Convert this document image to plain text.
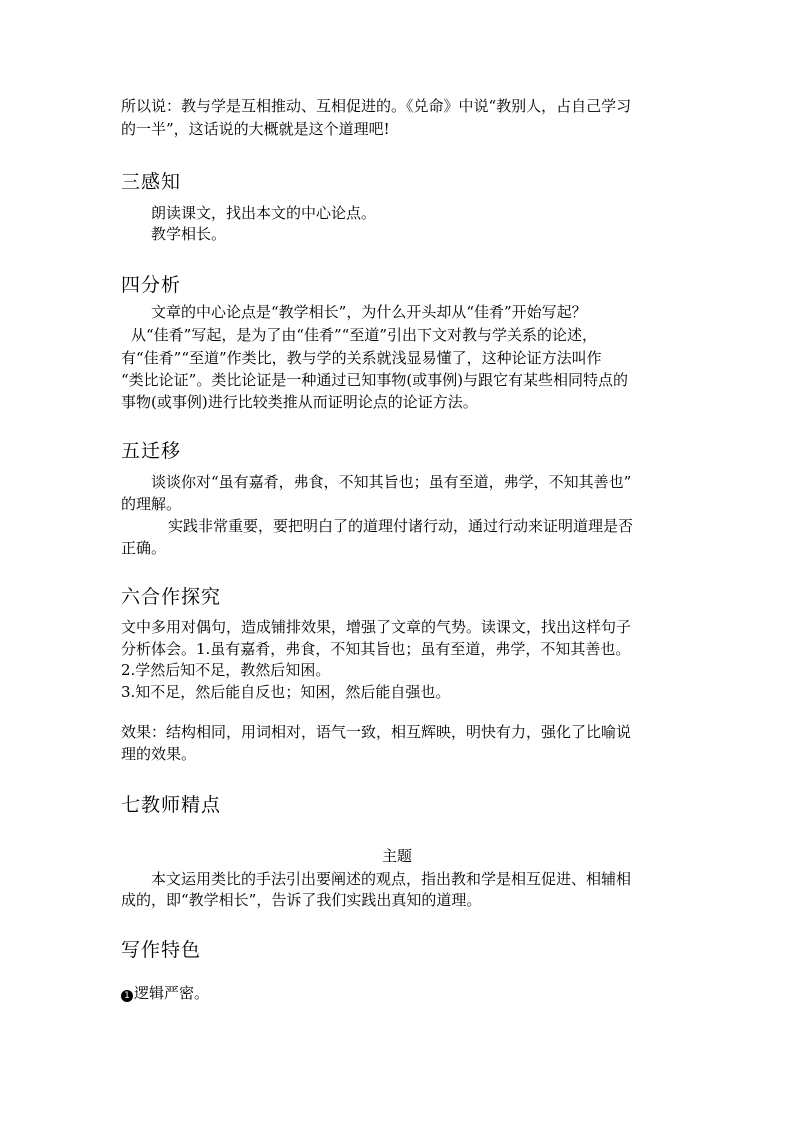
所以说：教与学是互相推动、互相促进的。《兑命》中说“教别人，占自己学习
的一半”，这话说的大概就是这个道理吧!
三感知
朗读课文，找出本文的中心论点。
教学相长。
四分析
文章的中心论点是“教学相长”，为什么开头却从“佳肴”开始写起？
从“佳肴”写起，是为了由“佳肴”“至道”引出下文对教与学关系的论述，
有“佳肴”“至道”作类比，教与学的关系就浅显易懂了，这种论证方法叫作
“类比论证”。类比论证是一种通过已知事物(或事例)与跟它有某些相同特点的
事物(或事例)进行比较类推从而证明论点的论证方法。
五迁移
谈谈你对“虽有嘉肴，弗食，不知其旨也；虽有至道，弗学，不知其善也”
的理解。
实践非常重要，要把明白了的道理付诸行动，通过行动来证明道理是否
正确。
六合作探究
文中多用对偶句，造成铺排效果，增强了文章的气势。读课文，找出这样句子
分析体会。1.虽有嘉肴，弗食，不知其旨也；虽有至道，弗学，不知其善也。
2.学然后知不足，教然后知困。
3.知不足，然后能自反也；知困，然后能自强也。
效果：结构相同，用词相对，语气一致，相互辉映，明快有力，强化了比喻说
理的效果。
七教师精点
主题
本文运用类比的手法引出要阐述的观点，指出教和学是相互促进、相辅相
成的，即“教学相长”，告诉了我们实践出真知的道理。
写作特色
1 逻辑严密。
